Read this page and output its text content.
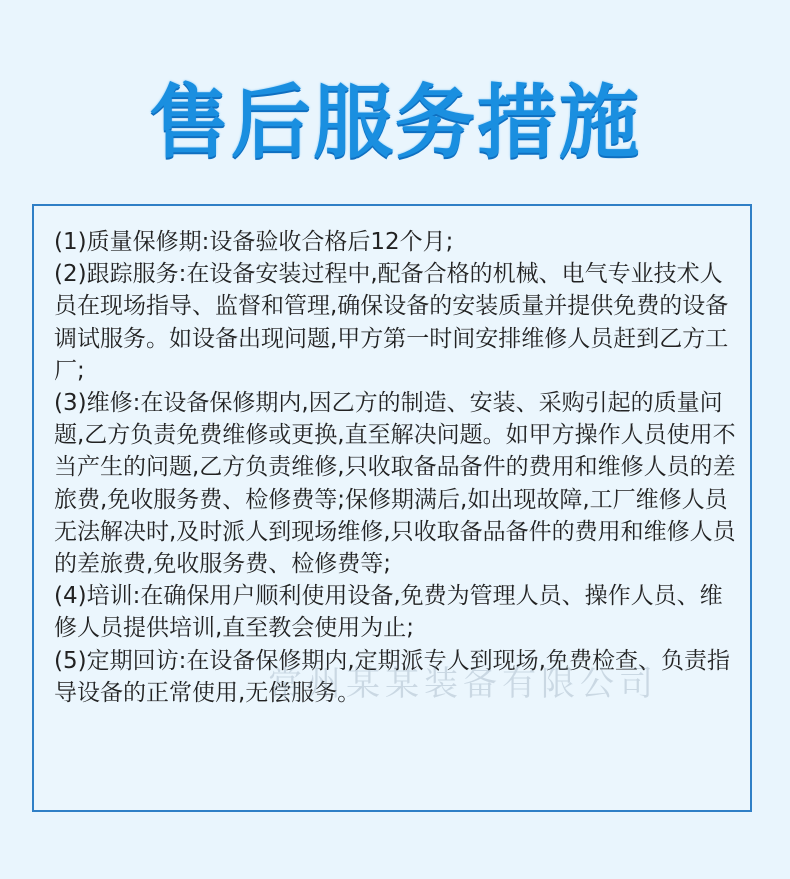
售后服务措施

(1)质量保修期:设备验收合格后12个月;

(2)跟踪服务:在设备安装过程中,配备合格的机械、电气专业技术人员在现场指导、监督和管理,确保设备的安装质量并提供免费的设备调试服务。如设备出现问题,甲方第一时间安排维修人员赶到乙方工厂;

(3)维修:在设备保修期内,因乙方的制造、安装、采购引起的质量问题,乙方负责免费维修或更换,直至解决问题。如甲方操作人员使用不当产生的问题,乙方负责维修,只收取备品备件的费用和维修人员的差旅费,免收服务费、检修费等;保修期满后,如出现故障,工厂维修人员无法解决时,及时派人到现场维修,只收取备品备件的费用和维修人员的差旅费,免收服务费、检修费等;

(4)培训:在确保用户顺利使用设备,免费为管理人员、操作人员、维修人员提供培训,直至教会使用为止;

(5)定期回访:在设备保修期内,定期派专人到现场,免费检查、负责指导设备的正常使用,无偿服务。

常州某某装备有限公司
